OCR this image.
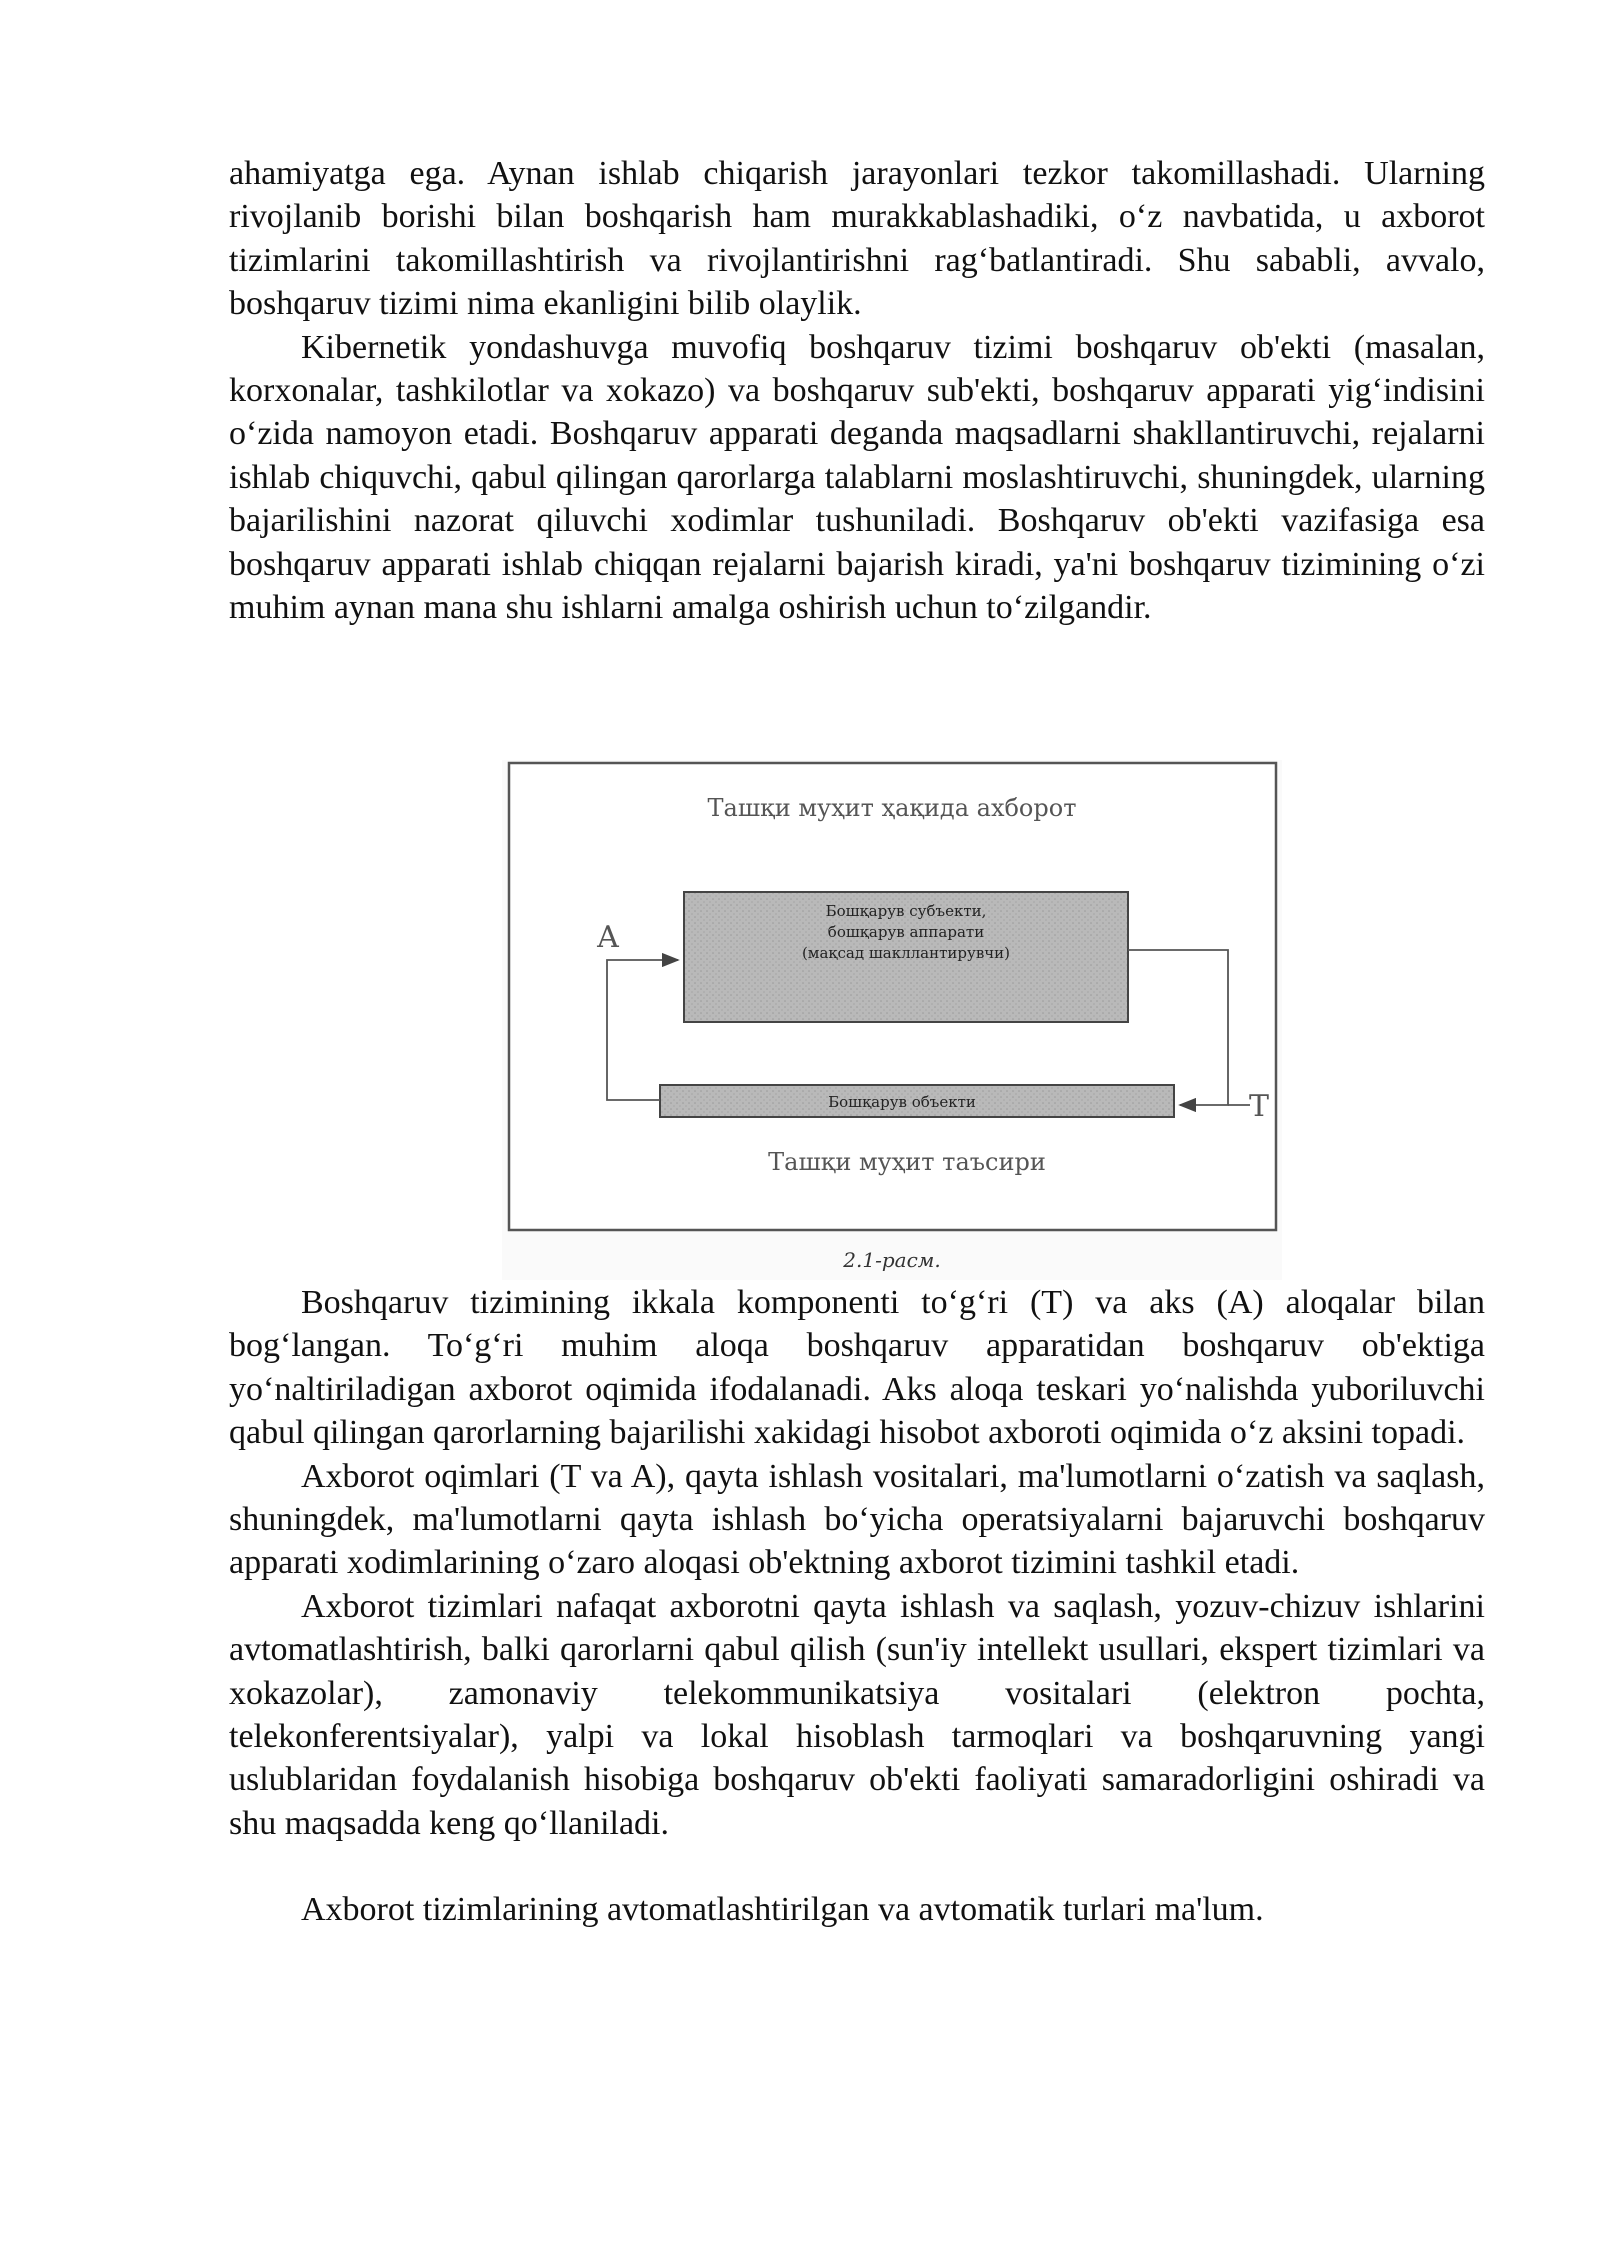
ahamiyatga ega. Aynan ishlab chiqarish jarayonlari tezkor takomillashadi. Ularning rivojlanib borishi bilan boshqarish ham murakkablashadiki, o‘z navbatida, u axborot tizimlarini takomillashtirish va rivojlantirishni rag‘batlantiradi. Shu sababli, avvalo, boshqaruv tizimi nima ekanligini bilib olaylik.

Kibernetik yondashuvga muvofiq boshqaruv tizimi boshqaruv ob'ekti (masalan, korxonalar, tashkilotlar va xokazo) va boshqaruv sub'ekti, boshqaruv apparati yig‘indisini o‘zida namoyon etadi. Boshqaruv apparati deganda maqsadlarni shakllantiruvchi, rejalarni ishlab chiquvchi, qabul qilingan qarorlarga talablarni moslashtiruvchi, shuningdek, ularning bajarilishini nazorat qiluvchi xodimlar tushuniladi. Boshqaruv ob'ekti vazifasiga esa boshqaruv apparati ishlab chiqqan rejalarni bajarish kiradi, ya'ni boshqaruv tizimining o‘zi muhim aynan mana shu ishlarni amalga oshirish uchun to‘zilgandir.

Ташқи муҳит ҳақида ахборот
Бошқарув субъекти,
бошқарув аппарати
(мақсад шакллантирувчи)
Бошқарув объекти
A
T
Ташқи муҳит таъсири
2.1-расм.

Boshqaruv tizimining ikkala komponenti to‘g‘ri (T) va aks (A) aloqalar bilan bog‘langan. To‘g‘ri muhim aloqa boshqaruv apparatidan boshqaruv ob'ektiga yo‘naltiriladigan axborot oqimida ifodalanadi. Aks aloqa teskari yo‘nalishda yuboriluvchi qabul qilingan qarorlarning bajarilishi xakidagi hisobot axboroti oqimida o‘z aksini topadi.

Axborot oqimlari (T va A), qayta ishlash vositalari, ma'lumotlarni o‘zatish va saqlash, shuningdek, ma'lumotlarni qayta ishlash bo‘yicha operatsiyalarni bajaruvchi boshqaruv apparati xodimlarining o‘zaro aloqasi ob'ektning axborot tizimini tashkil etadi.

Axborot tizimlari nafaqat axborotni qayta ishlash va saqlash, yozuv-chizuv ishlarini avtomatlashtirish, balki qarorlarni qabul qilish (sun'iy intellekt usullari, ekspert tizimlari va xokazolar), zamonaviy telekommunikatsiya vositalari (elektron pochta, telekonferentsiyalar), yalpi va lokal hisoblash tarmoqlari va boshqaruvning yangi uslublaridan foydalanish hisobiga boshqaruv ob'ekti faoliyati samaradorligini oshiradi va shu maqsadda keng qo‘llaniladi.

Axborot tizimlarining avtomatlashtirilgan va avtomatik turlari ma'lum.
